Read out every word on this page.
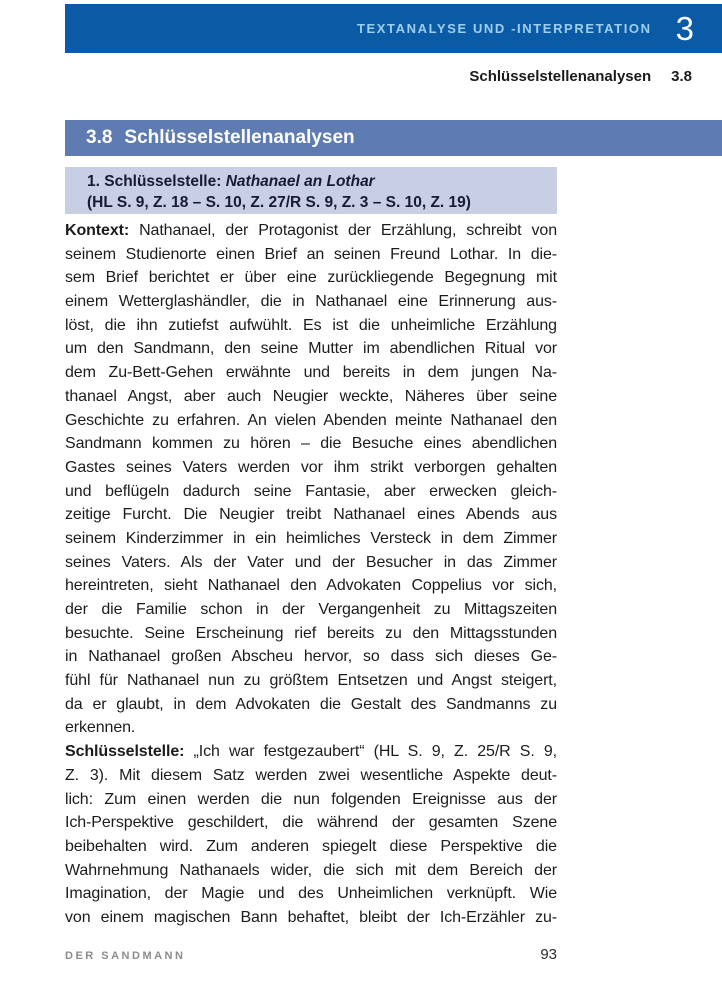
TEXTANALYSE UND -INTERPRETATION 3
Schlüsselstellenanalysen 3.8
3.8 Schlüsselstellenanalysen
1. Schlüsselstelle: Nathanael an Lothar
(HL S. 9, Z. 18 – S. 10, Z. 27/R S. 9, Z. 3 – S. 10, Z. 19)
Kontext: Nathanael, der Protagonist der Erzählung, schreibt von
seinem Studienorte einen Brief an seinen Freund Lothar. In die-
sem Brief berichtet er über eine zurückliegende Begegnung mit
einem Wetterglashändler, die in Nathanael eine Erinnerung aus-
löst, die ihn zutiefst aufwühlt. Es ist die unheimliche Erzählung
um den Sandmann, den seine Mutter im abendlichen Ritual vor
dem Zu-Bett-Gehen erwähnte und bereits in dem jungen Na-
thanael Angst, aber auch Neugier weckte, Näheres über seine
Geschichte zu erfahren. An vielen Abenden meinte Nathanael den
Sandmann kommen zu hören – die Besuche eines abendlichen
Gastes seines Vaters werden vor ihm strikt verborgen gehalten
und beflügeln dadurch seine Fantasie, aber erwecken gleich-
zeitige Furcht. Die Neugier treibt Nathanael eines Abends aus
seinem Kinderzimmer in ein heimliches Versteck in dem Zimmer
seines Vaters. Als der Vater und der Besucher in das Zimmer
hereintreten, sieht Nathanael den Advokaten Coppelius vor sich,
der die Familie schon in der Vergangenheit zu Mittagszeiten
besuchte. Seine Erscheinung rief bereits zu den Mittagsstunden
in Nathanael großen Abscheu hervor, so dass sich dieses Ge-
fühl für Nathanael nun zu größtem Entsetzen und Angst steigert,
da er glaubt, in dem Advokaten die Gestalt des Sandmanns zu
erkennen.
Schlüsselstelle: „Ich war festgezaubert“ (HL S. 9, Z. 25/R S. 9,
Z. 3). Mit diesem Satz werden zwei wesentliche Aspekte deut-
lich: Zum einen werden die nun folgenden Ereignisse aus der
Ich-Perspektive geschildert, die während der gesamten Szene
beibehalten wird. Zum anderen spiegelt diese Perspektive die
Wahrnehmung Nathanaels wider, die sich mit dem Bereich der
Imagination, der Magie und des Unheimlichen verknüpft. Wie
von einem magischen Bann behaftet, bleibt der Ich-Erzähler zu-
DER SANDMANN	93
